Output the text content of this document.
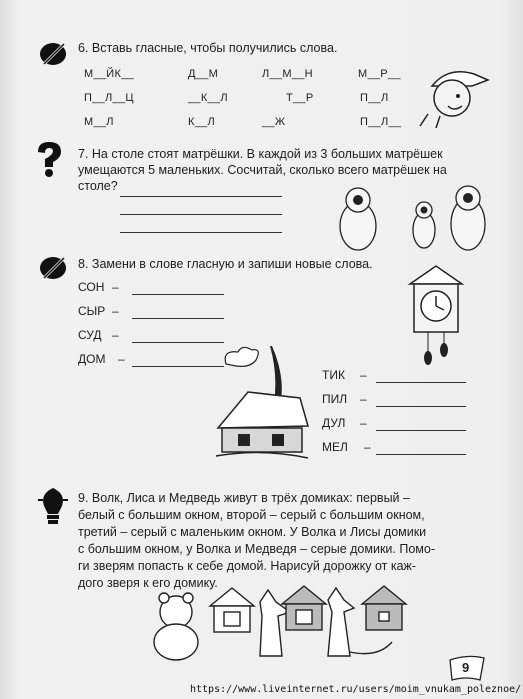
6. Вставь гласные, чтобы получились слова.
М__ЙК__	Д__М	Л__М__Н	М__Р__
П__Л__Ц	__К__Л	Т__Р	П__Л
М__Л	К__Л	__Ж	П__Л__
7. На столе стоят матрёшки. В каждой из 3 больших матрёшек
умещаются 5 маленьких. Сосчитай, сколько всего матрёшек на
столе?
8. Замени в слове гласную и запиши новые слова.
СОН –
СЫР –
СУД –
ДОМ –
ТИК –
ПИЛ –
ДУЛ –
МЕЛ –
9. Волк, Лиса и Медведь живут в трёх домиках: первый –
белый с большим окном, второй – серый с большим окном,
третий – серый с маленьким окном. У Волка и Лисы домики
с большим окном, у Волка и Медведя – серые домики. Помо-
ги зверям попасть к себе домой. Нарисуй дорожку от каж-
дого зверя к его домику.
9
https://www.liveinternet.ru/users/moim_vnukam_poleznoe/
